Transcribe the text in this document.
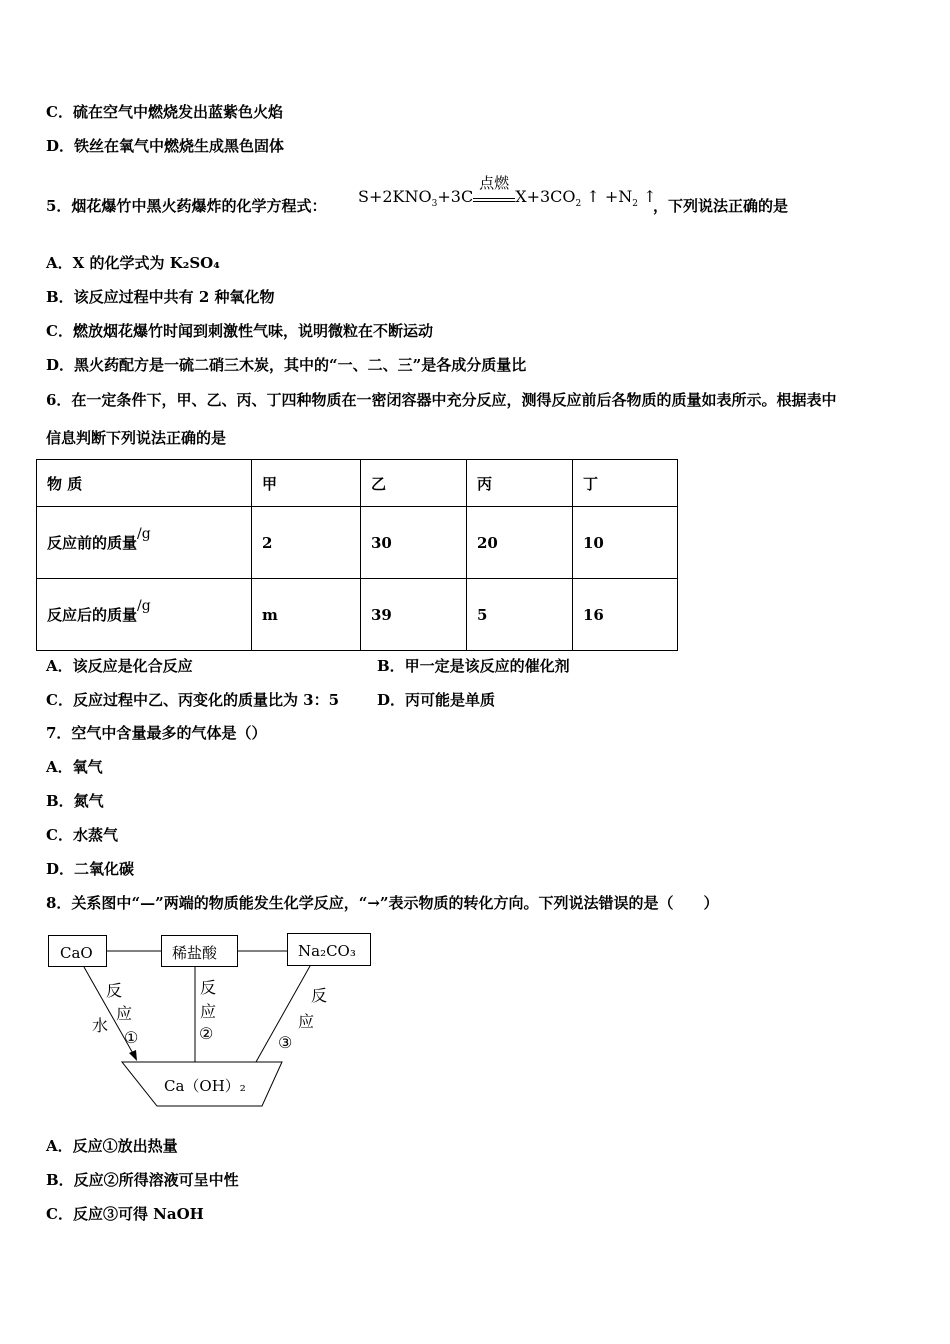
C．硫在空气中燃烧发出蓝紫色火焰
D．铁丝在氧气中燃烧生成黑色固体
5．烟花爆竹中黑火药爆炸的化学方程式： $S+2KNO_3+3C$
点燃
$X+3CO_2$ ↑ $+N_2$ ↑
，下列说法正确的是
A．X 的化学式为 K₂SO₄
B．该反应过程中共有 2 种氧化物
C．燃放烟花爆竹时闻到刺激性气味，说明微粒在不断运动
D．黑火药配方是一硫二硝三木炭，其中的“一、二、三”是各成分质量比
6．在一定条件下，甲、乙、丙、丁四种物质在一密闭容器中充分反应，测得反应前后各物质的质量如表所示。根据表中
信息判断下列说法正确的是
物 质	甲	乙	丙	丁
反应前的质量/g	2	30	20	10
反应后的质量/g	m	39	5	16
A．该反应是化合反应	B．甲一定是该反应的催化剂
C．反应过程中乙、丙变化的质量比为 3：5	D．丙可能是单质
7．空气中含量最多的气体是（）
A．氧气
B．氮气
C．水蒸气
D．二氧化碳
8．关系图中“—”两端的物质能发生化学反应，“→”表示物质的转化方向。下列说法错误的是（　　）
CaO	稀盐酸	Na₂CO₃
Ca（OH）₂
反
应
水
①
反
应
②
反
应
③
A．反应①放出热量
B．反应②所得溶液可呈中性
C．反应③可得 NaOH
